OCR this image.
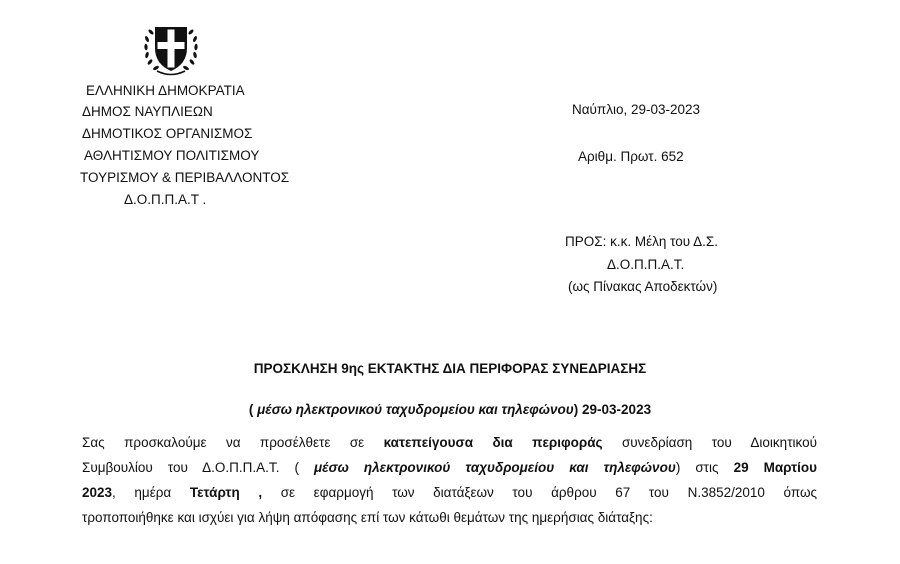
ΕΛΛΗΝΙΚΗ ΔΗΜΟΚΡΑΤΙΑ
ΔΗΜΟΣ ΝΑΥΠΛΙΕΩΝ
ΔΗΜΟΤΙΚΟΣ ΟΡΓΑΝΙΣΜΟΣ
ΑΘΛΗΤΙΣΜΟΥ ΠΟΛΙΤΙΣΜΟΥ
ΤΟΥΡΙΣΜΟΥ & ΠΕΡΙΒΑΛΛΟΝΤΟΣ
Δ.Ο.Π.Π.Α.Τ .
Ναύπλιο, 29-03-2023
Αριθμ. Πρωτ. 652
ΠΡΟΣ: κ.κ. Μέλη του Δ.Σ.
Δ.Ο.Π.Π.Α.Τ.
(ως Πίνακας Αποδεκτών)
ΠΡΟΣΚΛΗΣΗ 9ης ΕΚΤΑΚΤΗΣ ΔΙΑ ΠΕΡΙΦΟΡΑΣ ΣΥΝΕΔΡΙΑΣΗΣ
( μέσω ηλεκτρονικού ταχυδρομείου και τηλεφώνου) 29-03-2023
Σας προσκαλούμε να προσέλθετε σε κατεπείγουσα δια περιφοράς συνεδρίαση του Διοικητικού
Συμβουλίου του Δ.Ο.Π.Π.Α.Τ. ( μέσω ηλεκτρονικού ταχυδρομείου και τηλεφώνου) στις 29 Μαρτίου
2023, ημέρα Τετάρτη , σε εφαρμογή των διατάξεων του άρθρου 67 του Ν.3852/2010 όπως
τροποποιήθηκε και ισχύει για λήψη απόφασης επί των κάτωθι θεμάτων της ημερήσιας διάταξης:
